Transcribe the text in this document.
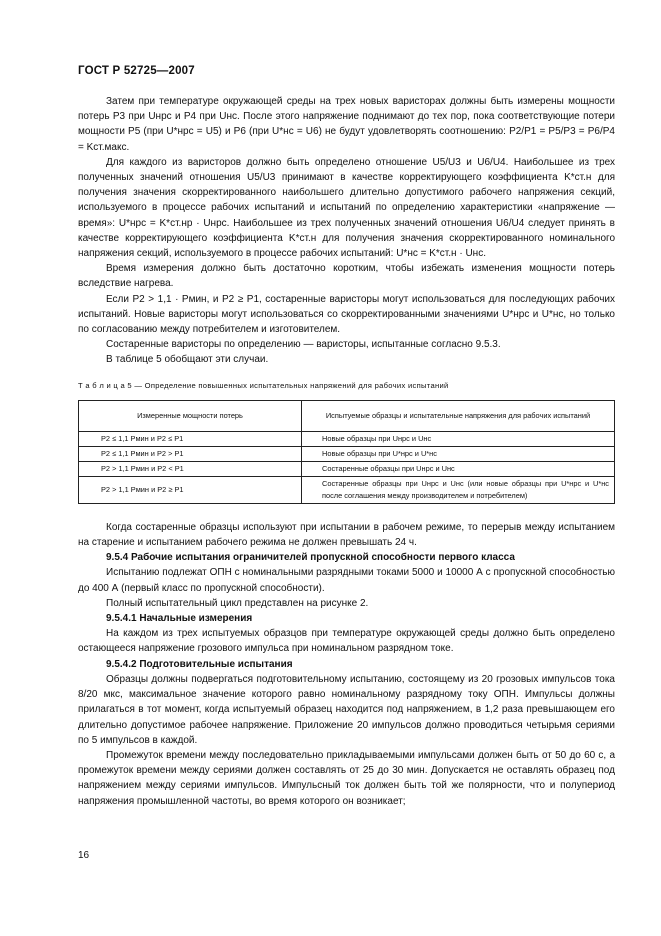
ГОСТ Р 52725—2007

Затем при температуре окружающей среды на трех новых варисторах должны быть измерены мощности потерь P3 при Uнрс и P4 при Uнс. После этого напряжение поднимают до тех пор, пока соответствующие потери мощности P5 (при U*нрс = U5) и P6 (при U*нс = U6) не будут удовлетворять соотношению: P2/P1 = P5/P3 = P6/P4 = Kст.макс.

Для каждого из варисторов должно быть определено отношение U5/U3 и U6/U4. Наибольшее из трех полученных значений отношения U5/U3 принимают в качестве корректирующего коэффициента K*ст.н для получения значения скорректированного наибольшего длительно допустимого рабочего напряжения секций, используемого в процессе рабочих испытаний и испытаний по определению характеристики «напряжение — время»: U*нрс = K*ст.нр · Uнрс. Наибольшее из трех полученных значений отношения U6/U4 следует принять в качестве корректирующего коэффициента K*ст.н для получения значения скорректированного номинального напряжения секций, используемого в процессе рабочих испытаний: U*нс = K*ст.н · Uнс.

Время измерения должно быть достаточно коротким, чтобы избежать изменения мощности потерь вследствие нагрева.

Если P2 > 1,1 · Pмин, и P2 ≥ P1, состаренные варисторы могут использоваться для последующих рабочих испытаний. Новые варисторы могут использоваться со скорректированными значениями U*нрс и U*нс, но только по согласованию между потребителем и изготовителем.

Состаренные варисторы по определению — варисторы, испытанные согласно 9.5.3.

В таблице 5 обобщают эти случаи.

Т а б л и ц а 5 — Определение повышенных испытательных напряжений для рабочих испытаний

Измеренные мощности потерь	Испытуемые образцы и испытательные напряжения для рабочих испытаний
P2 ≤ 1,1 Pмин и P2 ≤ P1	Новые образцы при Uнрс и Uнс
P2 ≤ 1,1 Pмин и P2 > P1	Новые образцы при U*нрс и U*нс
P2 > 1,1 Pмин и P2 < P1	Состаренные образцы при Uнрс и Uнс
P2 > 1,1 Pмин и P2 ≥ P1	Состаренные образцы при Uнрс и Uнс (или новые образцы при U*нрс и U*нс после соглашения между производителем и потребителем)

Когда состаренные образцы используют при испытании в рабочем режиме, то перерыв между испытанием на старение и испытанием рабочего режима не должен превышать 24 ч.

9.5.4 Рабочие испытания ограничителей пропускной способности первого класса

Испытанию подлежат ОПН с номинальными разрядными токами 5000 и 10000 А с пропускной способностью до 400 А (первый класс по пропускной способности).

Полный испытательный цикл представлен на рисунке 2.

9.5.4.1 Начальные измерения

На каждом из трех испытуемых образцов при температуре окружающей среды должно быть определено остающееся напряжение грозового импульса при номинальном разрядном токе.

9.5.4.2 Подготовительные испытания

Образцы должны подвергаться подготовительному испытанию, состоящему из 20 грозовых импульсов тока 8/20 мкс, максимальное значение которого равно номинальному разрядному току ОПН. Импульсы должны прилагаться в тот момент, когда испытуемый образец находится под напряжением, в 1,2 раза превышающем его длительно допустимое рабочее напряжение. Приложение 20 импульсов должно проводиться четырьмя сериями по 5 импульсов в каждой.

Промежуток времени между последовательно прикладываемыми импульсами должен быть от 50 до 60 с, а промежуток времени между сериями должен составлять от 25 до 30 мин. Допускается не оставлять образец под напряжением между сериями импульсов. Импульсный ток должен быть той же полярности, что и полупериод напряжения промышленной частоты, во время которого он возникает;

16
